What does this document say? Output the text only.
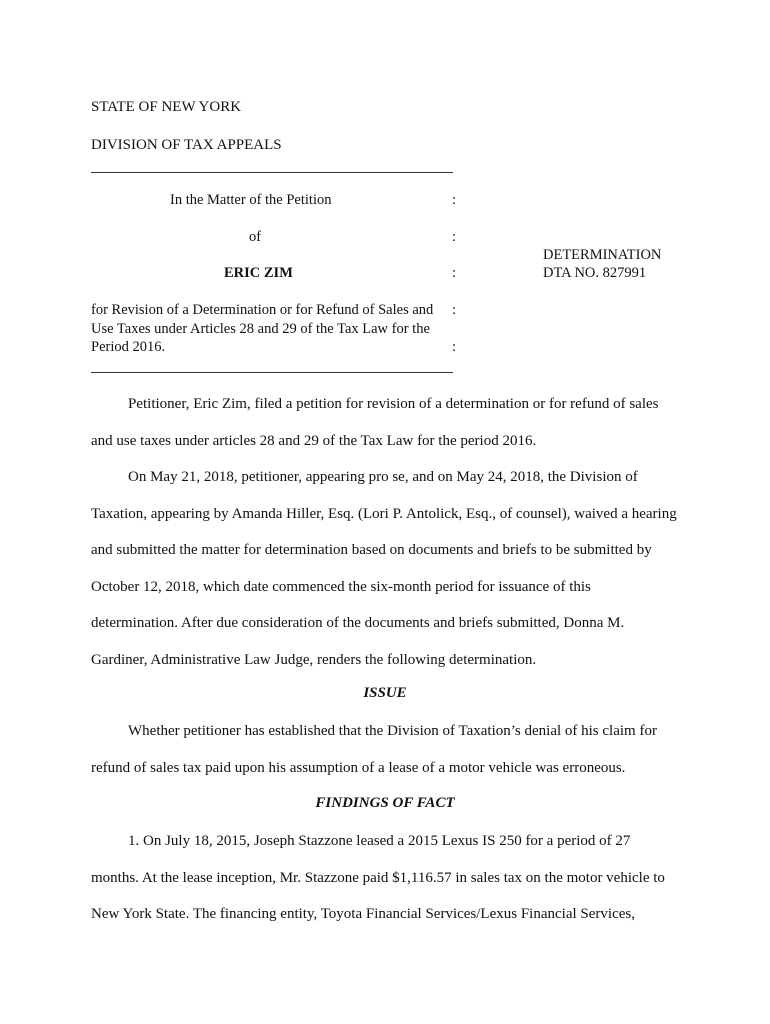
STATE OF NEW YORK
DIVISION OF TAX APPEALS
In the Matter of the Petition	:
of	:
ERIC ZIM	:
DETERMINATION
DTA NO. 827991
for Revision of a Determination or for Refund of Sales and :
Use Taxes under Articles 28 and 29 of the Tax Law for the
Period 2016.	:

Petitioner, Eric Zim, filed a petition for revision of a determination or for refund of sales and use taxes under articles 28 and 29 of the Tax Law for the period 2016.

On May 21, 2018, petitioner, appearing pro se, and on May 24, 2018, the Division of Taxation, appearing by Amanda Hiller, Esq. (Lori P. Antolick, Esq., of counsel), waived a hearing and submitted the matter for determination based on documents and briefs to be submitted by October 12, 2018, which date commenced the six-month period for issuance of this determination. After due consideration of the documents and briefs submitted, Donna M. Gardiner, Administrative Law Judge, renders the following determination.

ISSUE

Whether petitioner has established that the Division of Taxation’s denial of his claim for refund of sales tax paid upon his assumption of a lease of a motor vehicle was erroneous.

FINDINGS OF FACT

1. On July 18, 2015, Joseph Stazzone leased a 2015 Lexus IS 250 for a period of 27 months. At the lease inception, Mr. Stazzone paid $1,116.57 in sales tax on the motor vehicle to New York State. The financing entity, Toyota Financial Services/Lexus Financial Services,
